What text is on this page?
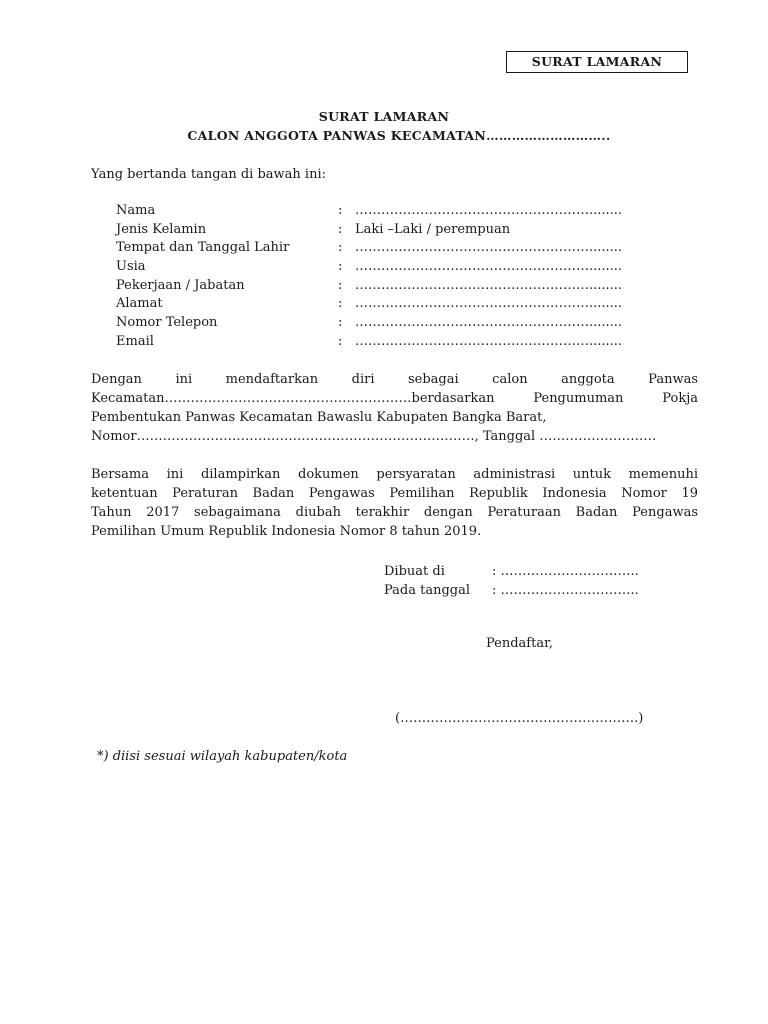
SURAT LAMARAN
SURAT LAMARAN
CALON ANGGOTA PANWAS KECAMATAN………………………..
Yang bertanda tangan di bawah ini:
Nama	:	………………………………………………........
Jenis Kelamin	:	Laki –Laki / perempuan
Tempat dan Tanggal Lahir	:	………………………………………………........
Usia	:	………………………………………………........
Pekerjaan / Jabatan	:	………………………………………………........
Alamat	:	………………………………………………........
Nomor Telepon	:	………………………………………………........
Email	:	………………………………………………........
Dengan ini mendaftarkan diri sebagai calon anggota Panwas
Kecamatan…………………………………………………berdasarkan Pengumuman Pokja
Pembentukan Panwas Kecamatan Bawaslu Kabupaten Bangka Barat,
Nomor……………………………………………………………………, Tanggal ………………………
Bersama ini dilampirkan dokumen persyaratan administrasi untuk memenuhi
ketentuan Peraturan Badan Pengawas Pemilihan Republik Indonesia Nomor 19
Tahun 2017 sebagaimana diubah terakhir dengan Peraturaan Badan Pengawas
Pemilihan Umum Republik Indonesia Nomor 8 tahun 2019.
Dibuat di	: …………………………..
Pada tanggal	: …………………………..
Pendaftar,
(……………………………………………….)
*) diisi sesuai wilayah kabupaten/kota
